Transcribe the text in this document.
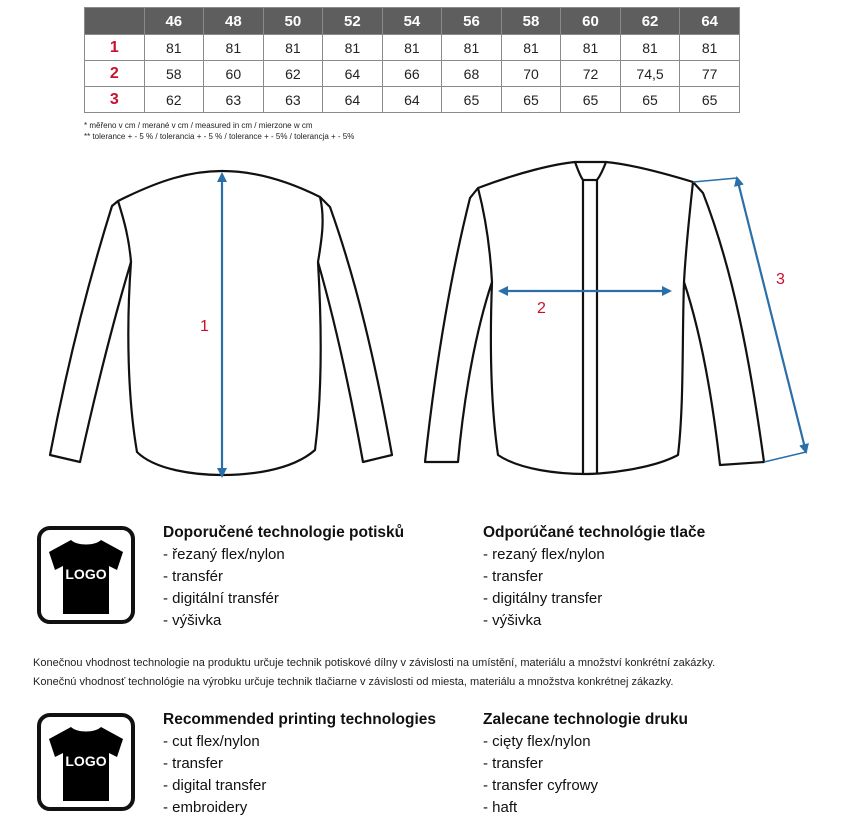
	46	48	50	52	54	56	58	60	62	64
1	81	81	81	81	81	81	81	81	81	81
2	58	60	62	64	66	68	70	72	74,5	77
3	62	63	63	64	64	65	65	65	65	65
* měřeno v cm / merané v cm / measured in cm / mierzone w cm
** tolerance + - 5 % / tolerancia + - 5 % / tolerance + - 5% / tolerancja + - 5%
1
2
3
LOGO
Doporučené technologie potisků
- řezaný flex/nylon
- transfér
- digitální transfér
- výšivka
Odporúčané technológie tlače
- rezaný flex/nylon
- transfer
- digitálny transfer
- výšivka
Konečnou vhodnost technologie na produktu určuje technik potiskové dílny v závislosti na umístění, materiálu a množství konkrétní zakázky.
Konečnú vhodnosť technológie na výrobku určuje technik tlačiarne v závislosti od miesta, materiálu a množstva konkrétnej zákazky.
LOGO
Recommended printing technologies
- cut flex/nylon
- transfer
- digital transfer
- embroidery
Zalecane technologie druku
- cięty flex/nylon
- transfer
- transfer cyfrowy
- haft
